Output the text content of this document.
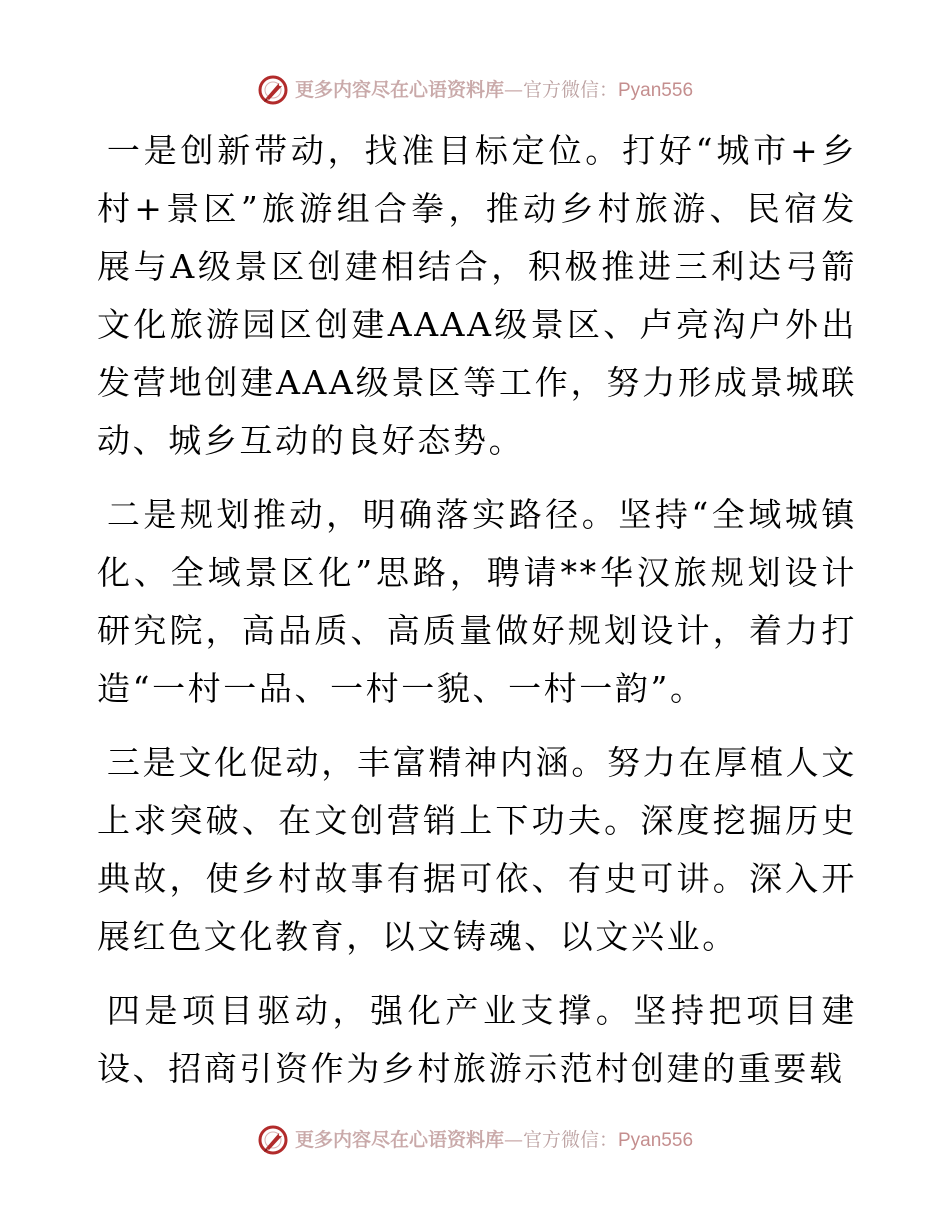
更多内容尽在心语资料库 — 官方微信： Pyan556

一是创新带动，找准目标定位。打好“城市+乡村+景区”旅游组合拳，推动乡村旅游、民宿发展与A级景区创建相结合，积极推进三利达弓箭文化旅游园区创建AAAA级景区、卢亮沟户外出发营地创建AAA级景区等工作，努力形成景城联动、城乡互动的良好态势。

二是规划推动，明确落实路径。坚持“全域城镇化、全域景区化”思路，聘请**华汉旅规划设计研究院，高品质、高质量做好规划设计，着力打造“一村一品、一村一貌、一村一韵”。

三是文化促动，丰富精神内涵。努力在厚植人文上求突破、在文创营销上下功夫。深度挖掘历史典故，使乡村故事有据可依、有史可讲。深入开展红色文化教育，以文铸魂、以文兴业。

四是项目驱动，强化产业支撑。坚持把项目建设、招商引资作为乡村旅游示范村创建的重要载

更多内容尽在心语资料库 — 官方微信： Pyan556
